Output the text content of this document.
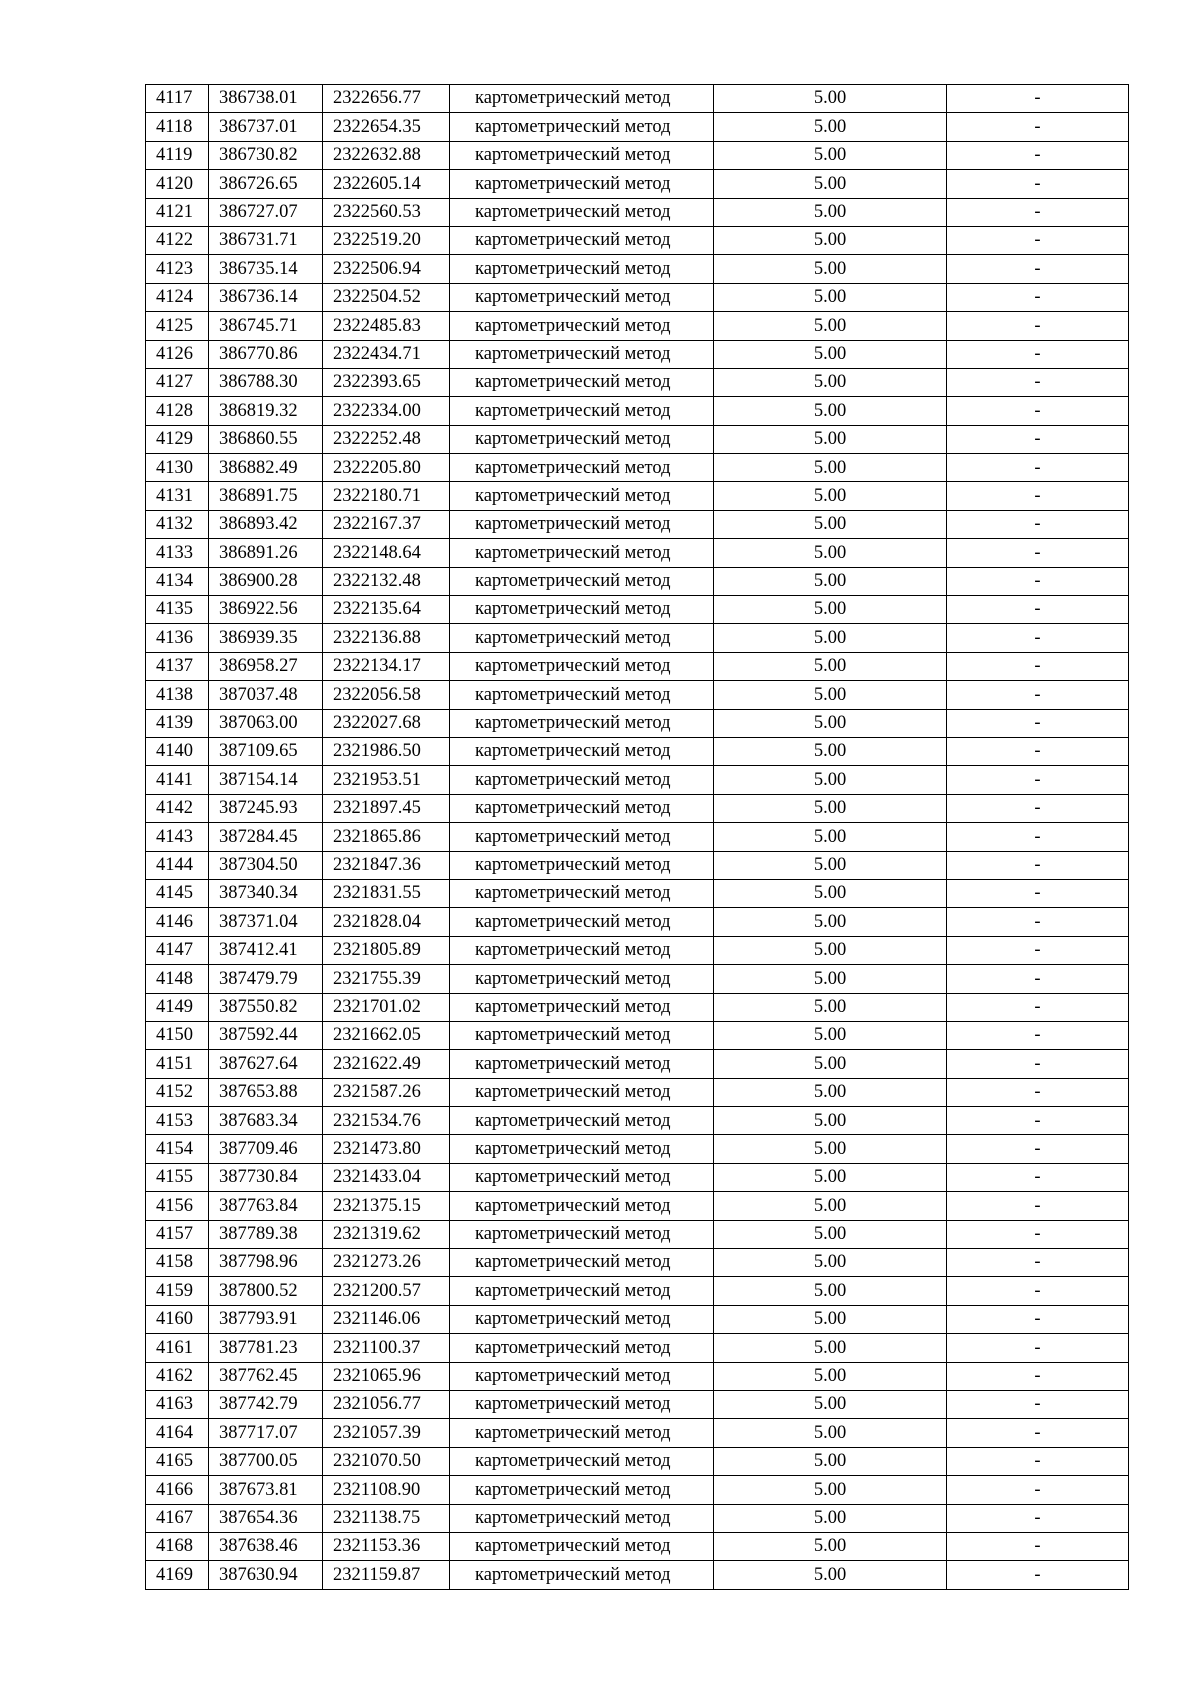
4117	386738.01	2322656.77	картометрический метод	5.00	-
4118	386737.01	2322654.35	картометрический метод	5.00	-
4119	386730.82	2322632.88	картометрический метод	5.00	-
4120	386726.65	2322605.14	картометрический метод	5.00	-
4121	386727.07	2322560.53	картометрический метод	5.00	-
4122	386731.71	2322519.20	картометрический метод	5.00	-
4123	386735.14	2322506.94	картометрический метод	5.00	-
4124	386736.14	2322504.52	картометрический метод	5.00	-
4125	386745.71	2322485.83	картометрический метод	5.00	-
4126	386770.86	2322434.71	картометрический метод	5.00	-
4127	386788.30	2322393.65	картометрический метод	5.00	-
4128	386819.32	2322334.00	картометрический метод	5.00	-
4129	386860.55	2322252.48	картометрический метод	5.00	-
4130	386882.49	2322205.80	картометрический метод	5.00	-
4131	386891.75	2322180.71	картометрический метод	5.00	-
4132	386893.42	2322167.37	картометрический метод	5.00	-
4133	386891.26	2322148.64	картометрический метод	5.00	-
4134	386900.28	2322132.48	картометрический метод	5.00	-
4135	386922.56	2322135.64	картометрический метод	5.00	-
4136	386939.35	2322136.88	картометрический метод	5.00	-
4137	386958.27	2322134.17	картометрический метод	5.00	-
4138	387037.48	2322056.58	картометрический метод	5.00	-
4139	387063.00	2322027.68	картометрический метод	5.00	-
4140	387109.65	2321986.50	картометрический метод	5.00	-
4141	387154.14	2321953.51	картометрический метод	5.00	-
4142	387245.93	2321897.45	картометрический метод	5.00	-
4143	387284.45	2321865.86	картометрический метод	5.00	-
4144	387304.50	2321847.36	картометрический метод	5.00	-
4145	387340.34	2321831.55	картометрический метод	5.00	-
4146	387371.04	2321828.04	картометрический метод	5.00	-
4147	387412.41	2321805.89	картометрический метод	5.00	-
4148	387479.79	2321755.39	картометрический метод	5.00	-
4149	387550.82	2321701.02	картометрический метод	5.00	-
4150	387592.44	2321662.05	картометрический метод	5.00	-
4151	387627.64	2321622.49	картометрический метод	5.00	-
4152	387653.88	2321587.26	картометрический метод	5.00	-
4153	387683.34	2321534.76	картометрический метод	5.00	-
4154	387709.46	2321473.80	картометрический метод	5.00	-
4155	387730.84	2321433.04	картометрический метод	5.00	-
4156	387763.84	2321375.15	картометрический метод	5.00	-
4157	387789.38	2321319.62	картометрический метод	5.00	-
4158	387798.96	2321273.26	картометрический метод	5.00	-
4159	387800.52	2321200.57	картометрический метод	5.00	-
4160	387793.91	2321146.06	картометрический метод	5.00	-
4161	387781.23	2321100.37	картометрический метод	5.00	-
4162	387762.45	2321065.96	картометрический метод	5.00	-
4163	387742.79	2321056.77	картометрический метод	5.00	-
4164	387717.07	2321057.39	картометрический метод	5.00	-
4165	387700.05	2321070.50	картометрический метод	5.00	-
4166	387673.81	2321108.90	картометрический метод	5.00	-
4167	387654.36	2321138.75	картометрический метод	5.00	-
4168	387638.46	2321153.36	картометрический метод	5.00	-
4169	387630.94	2321159.87	картометрический метод	5.00	-
